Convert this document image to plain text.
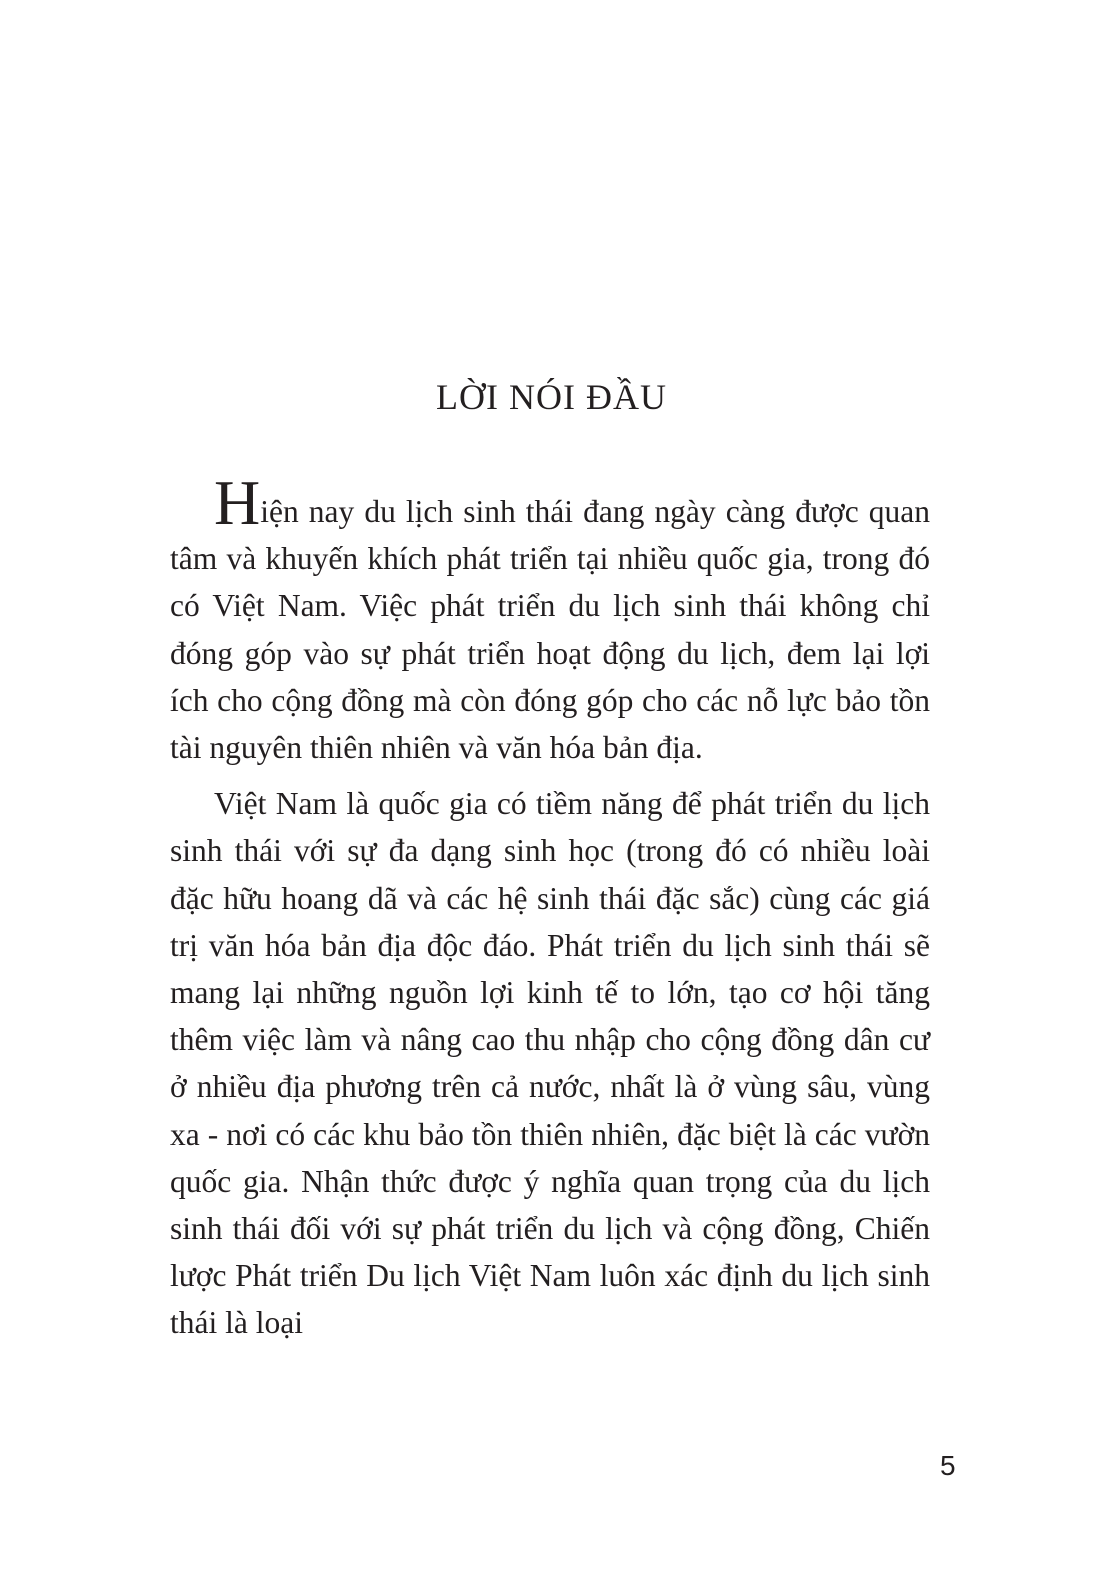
LỜI NÓI ĐẦU

Hiện nay du lịch sinh thái đang ngày càng được quan tâm và khuyến khích phát triển tại nhiều quốc gia, trong đó có Việt Nam. Việc phát triển du lịch sinh thái không chỉ đóng góp vào sự phát triển hoạt động du lịch, đem lại lợi ích cho cộng đồng mà còn đóng góp cho các nỗ lực bảo tồn tài nguyên thiên nhiên và văn hóa bản địa.

Việt Nam là quốc gia có tiềm năng để phát triển du lịch sinh thái với sự đa dạng sinh học (trong đó có nhiều loài đặc hữu hoang dã và các hệ sinh thái đặc sắc) cùng các giá trị văn hóa bản địa độc đáo. Phát triển du lịch sinh thái sẽ mang lại những nguồn lợi kinh tế to lớn, tạo cơ hội tăng thêm việc làm và nâng cao thu nhập cho cộng đồng dân cư ở nhiều địa phương trên cả nước, nhất là ở vùng sâu, vùng xa - nơi có các khu bảo tồn thiên nhiên, đặc biệt là các vườn quốc gia. Nhận thức được ý nghĩa quan trọng của du lịch sinh thái đối với sự phát triển du lịch và cộng đồng, Chiến lược Phát triển Du lịch Việt Nam luôn xác định du lịch sinh thái là loại

5
